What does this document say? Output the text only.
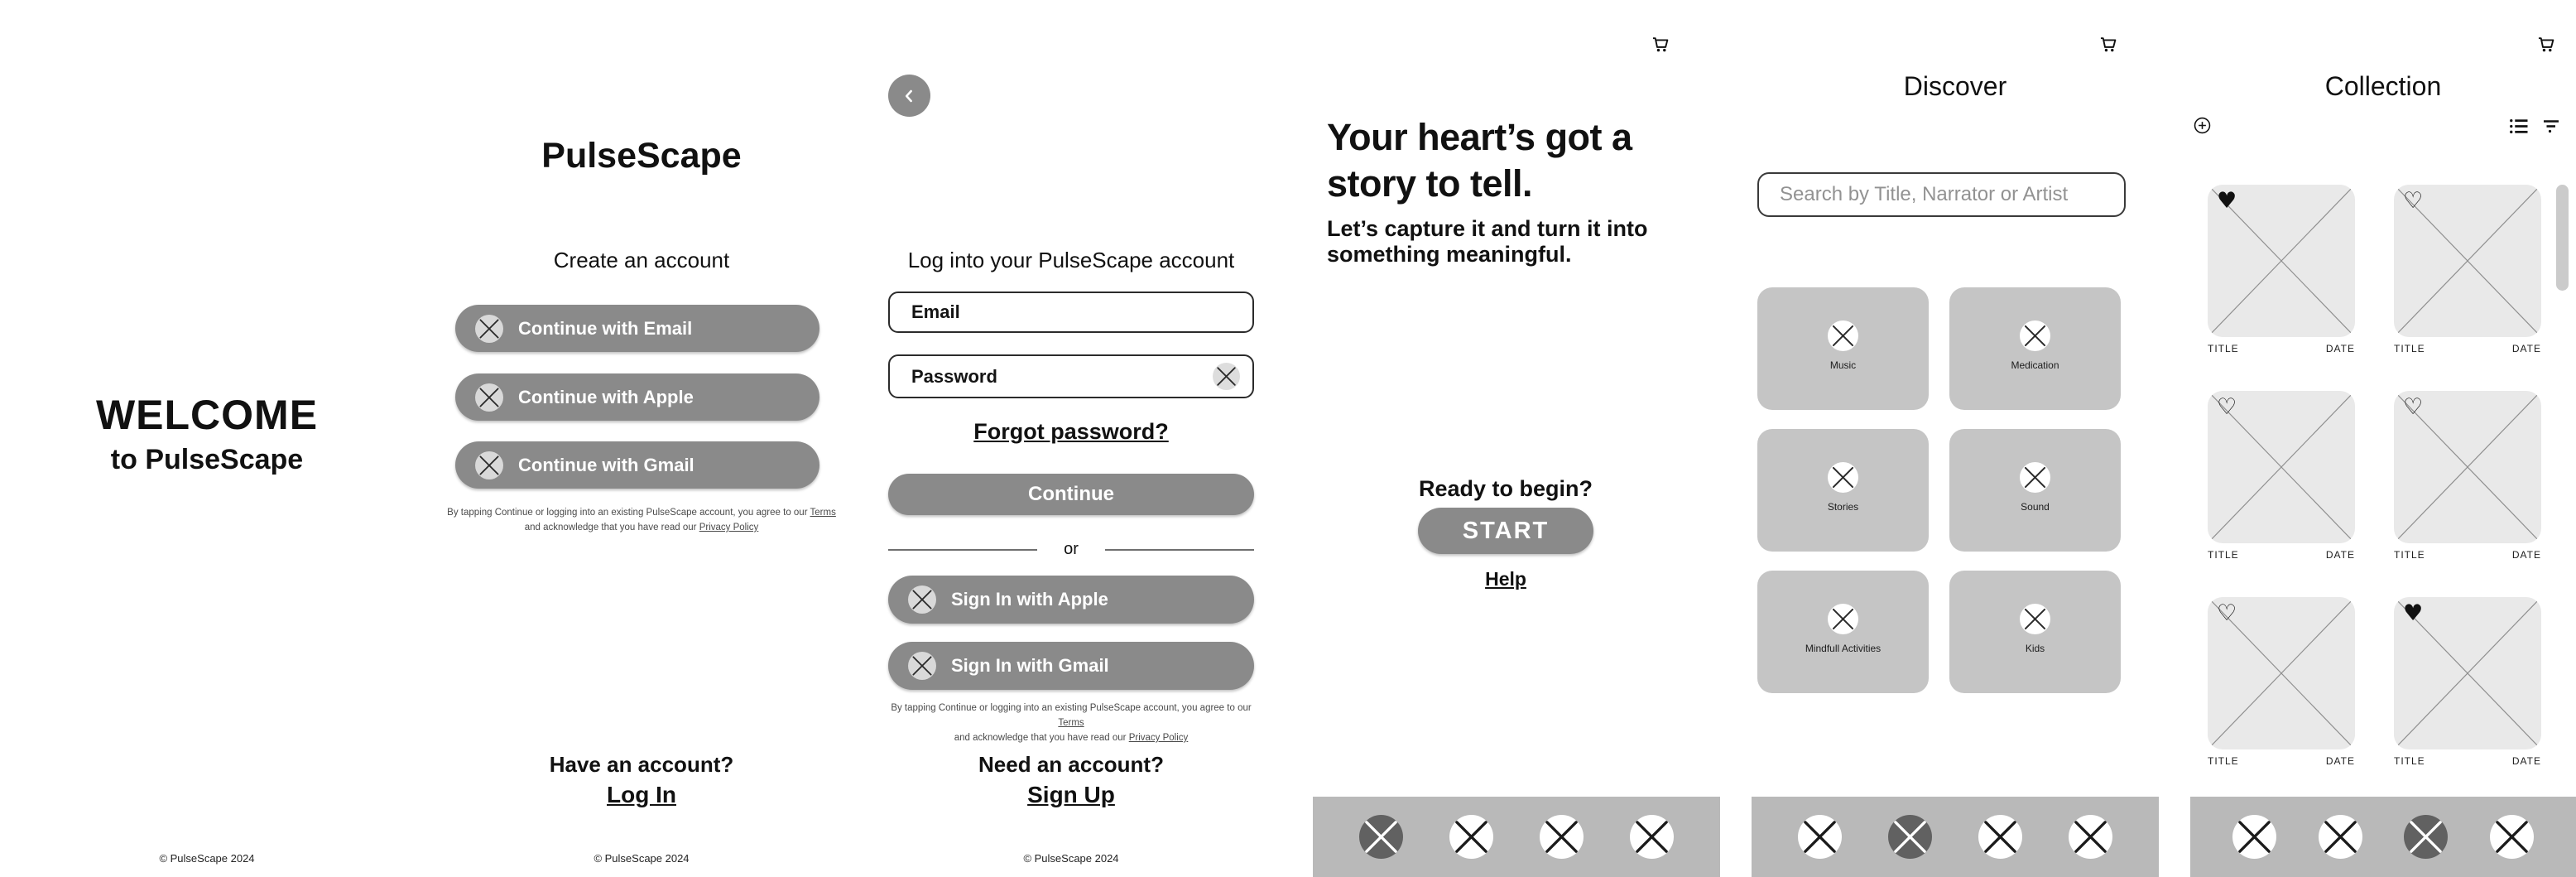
WELCOME
to PulseScape
© PulseScape 2024
PulseScape
Create an account
Continue with Email
Continue with Apple
Continue with Gmail
By tapping Continue or logging into an existing PulseScape account, you agree to our Terms
and acknowledge that you have read our Privacy Policy
Have an account?
Log In
© PulseScape 2024
Log into your PulseScape account
Email
Password
Forgot password?
Continue
or
Sign In with Apple
Sign In with Gmail
By tapping Continue or logging into an existing PulseScape account, you agree to our Terms
and acknowledge that you have read our Privacy Policy
Need an account?
Sign Up
© PulseScape 2024
Your heart’s got a story to tell.
Let’s capture it and turn it into something meaningful.
Ready to begin?
START
Help
Discover
Search by Title, Narrator or Artist
Music	Medication
Stories	Sound
Mindfull Activities	Kids
Collection
♥
TITLE	DATE
♡
TITLE	DATE
♡
TITLE	DATE
♡
TITLE	DATE
♡
TITLE	DATE
♥
TITLE	DATE
